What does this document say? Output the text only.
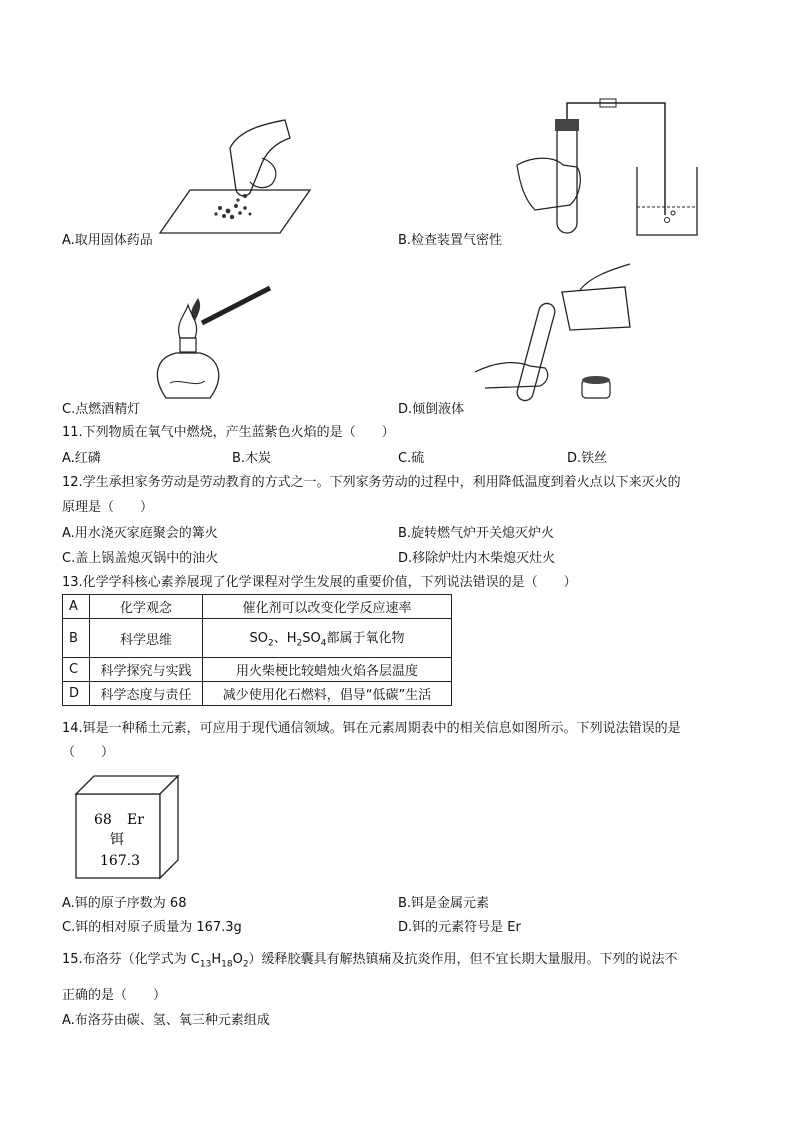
A.取用固体药品	B.检查装置气密性
C.点燃酒精灯	D.倾倒液体
11.下列物质在氧气中燃烧，产生蓝紫色火焰的是（　　）
A.红磷	B.木炭	C.硫	D.铁丝
12.学生承担家务劳动是劳动教育的方式之一。下列家务劳动的过程中，利用降低温度到着火点以下来灭火的
原理是（　　）
A.用水浇灭家庭聚会的篝火	B.旋转燃气炉开关熄灭炉火
C.盖上锅盖熄灭锅中的油火	D.移除炉灶内木柴熄灭灶火
13.化学学科核心素养展现了化学课程对学生发展的重要价值，下列说法错误的是（　　）
A	化学观念	催化剂可以改变化学反应速率
B	科学思维	$SO_2$、$H_2SO_4$都属于氧化物
C	科学探究与实践	用火柴梗比较蜡烛火焰各层温度
D	科学态度与责任	减少使用化石燃料，倡导“低碳”生活
14.铒是一种稀土元素，可应用于现代通信领域。铒在元素周期表中的相关信息如图所示。下列说法错误的是
（　　）
68 Er
铒
167.3
A.铒的原子序数为 68	B.铒是金属元素
C.铒的相对原子质量为 167.3g	D.铒的元素符号是 Er
15.布洛芬（化学式为 $C_{13}H_{18}O_2$）缓释胶囊具有解热镇痛及抗炎作用，但不宜长期大量服用。下列的说法不
正确的是（　　）
A.布洛芬由碳、氢、氧三种元素组成
